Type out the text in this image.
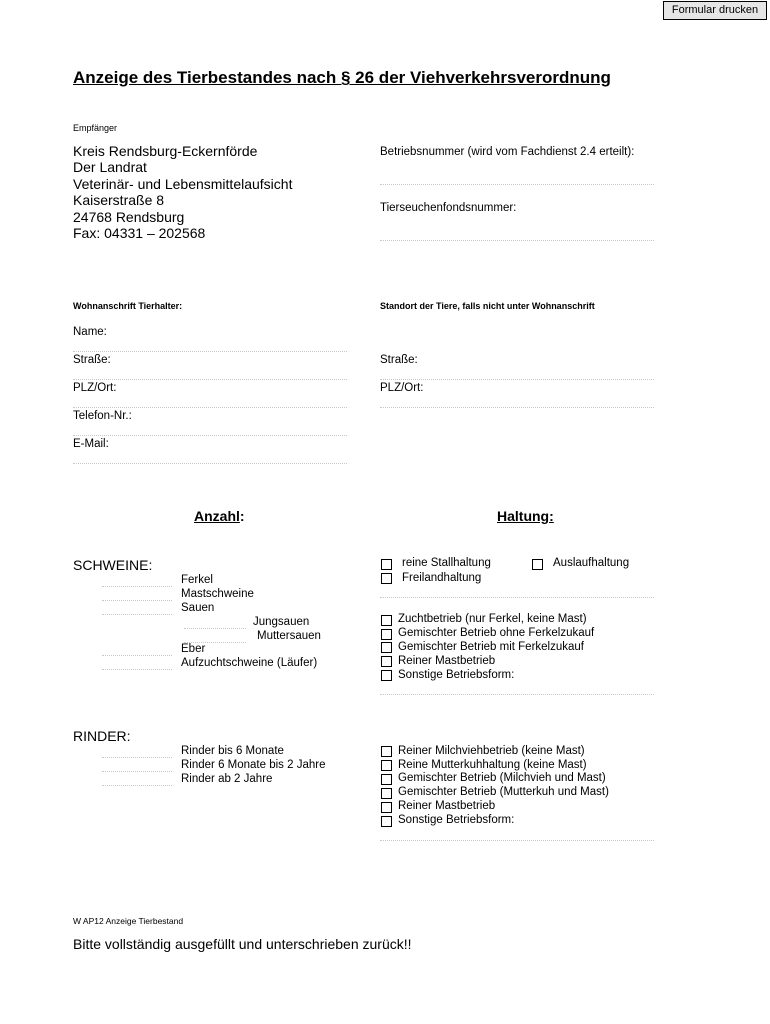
Formular drucken
Anzeige des Tierbestandes nach § 26 der Viehverkehrsverordnung
Empfänger
Kreis Rendsburg-Eckernförde
Der Landrat
Veterinär- und Lebensmittelaufsicht
Kaiserstraße 8
24768 Rendsburg
Fax: 04331 – 202568
Betriebsnummer (wird vom Fachdienst 2.4 erteilt):
Tierseuchenfondsnummer:
Wohnanschrift Tierhalter:
Name:
Straße:
PLZ/Ort:
Telefon-Nr.:
E-Mail:
Standort der Tiere, falls nicht unter Wohnanschrift
Straße:
PLZ/Ort:
Anzahl:	Haltung:
SCHWEINE:
Ferkel
Mastschweine
Sauen
Jungsauen
Muttersauen
Eber
Aufzuchtschweine (Läufer)
reine Stallhaltung	Auslaufhaltung
Freilandhaltung
Zuchtbetrieb (nur Ferkel, keine Mast)
Gemischter Betrieb ohne Ferkelzukauf
Gemischter Betrieb mit Ferkelzukauf
Reiner Mastbetrieb
Sonstige Betriebsform:
RINDER:
Rinder bis 6 Monate
Rinder 6 Monate bis 2 Jahre
Rinder ab 2 Jahre
Reiner Milchviehbetrieb (keine Mast)
Reine Mutterkuhhaltung (keine Mast)
Gemischter Betrieb (Milchvieh und Mast)
Gemischter Betrieb (Mutterkuh und Mast)
Reiner Mastbetrieb
Sonstige Betriebsform:
W AP12 Anzeige Tierbestand
Bitte vollständig ausgefüllt und unterschrieben zurück!!
